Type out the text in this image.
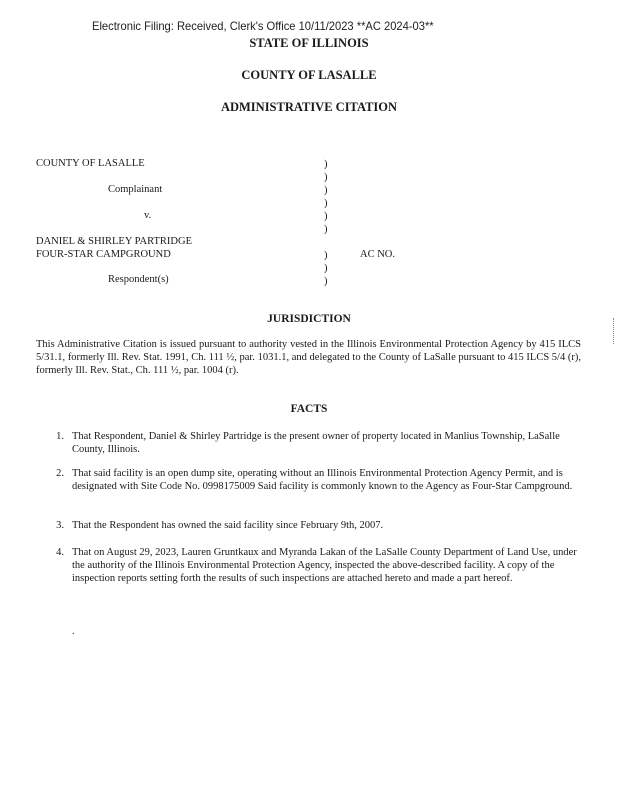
Electronic Filing: Received, Clerk's Office 10/11/2023 **AC 2024-03**
STATE OF ILLINOIS
COUNTY OF LASALLE
ADMINISTRATIVE CITATION
COUNTY OF LASALLE
Complainant
v.
DANIEL & SHIRLEY PARTRIDGE
FOUR-STAR CAMPGROUND
Respondent(s)
AC NO.
)
)
)
)
)
)
)
)
)
JURISDICTION
This Administrative Citation is issued pursuant to authority vested in the Illinois Environmental Protection Agency by 415 ILCS 5/31.1, formerly Ill. Rev. Stat. 1991, Ch. 111 ½, par. 1031.1, and delegated to the County of LaSalle pursuant to 415 ILCS 5/4 (r), formerly Ill. Rev. Stat., Ch. 111 ½, par. 1004 (r).
FACTS
1. That Respondent, Daniel & Shirley Partridge is the present owner of property located in Manlius Township, LaSalle County, Illinois.
2. That said facility is an open dump site, operating without an Illinois Environmental Protection Agency Permit, and is designated with Site Code No. 0998175009 Said facility is commonly known to the Agency as Four-Star Campground.
3. That the Respondent has owned the said facility since February 9th, 2007.
4. That on August 29, 2023, Lauren Gruntkaux and Myranda Lakan of the LaSalle County Department of Land Use, under the authority of the Illinois Environmental Protection Agency, inspected the above-described facility. A copy of the inspection reports setting forth the results of such inspections are attached hereto and made a part hereof.
.
